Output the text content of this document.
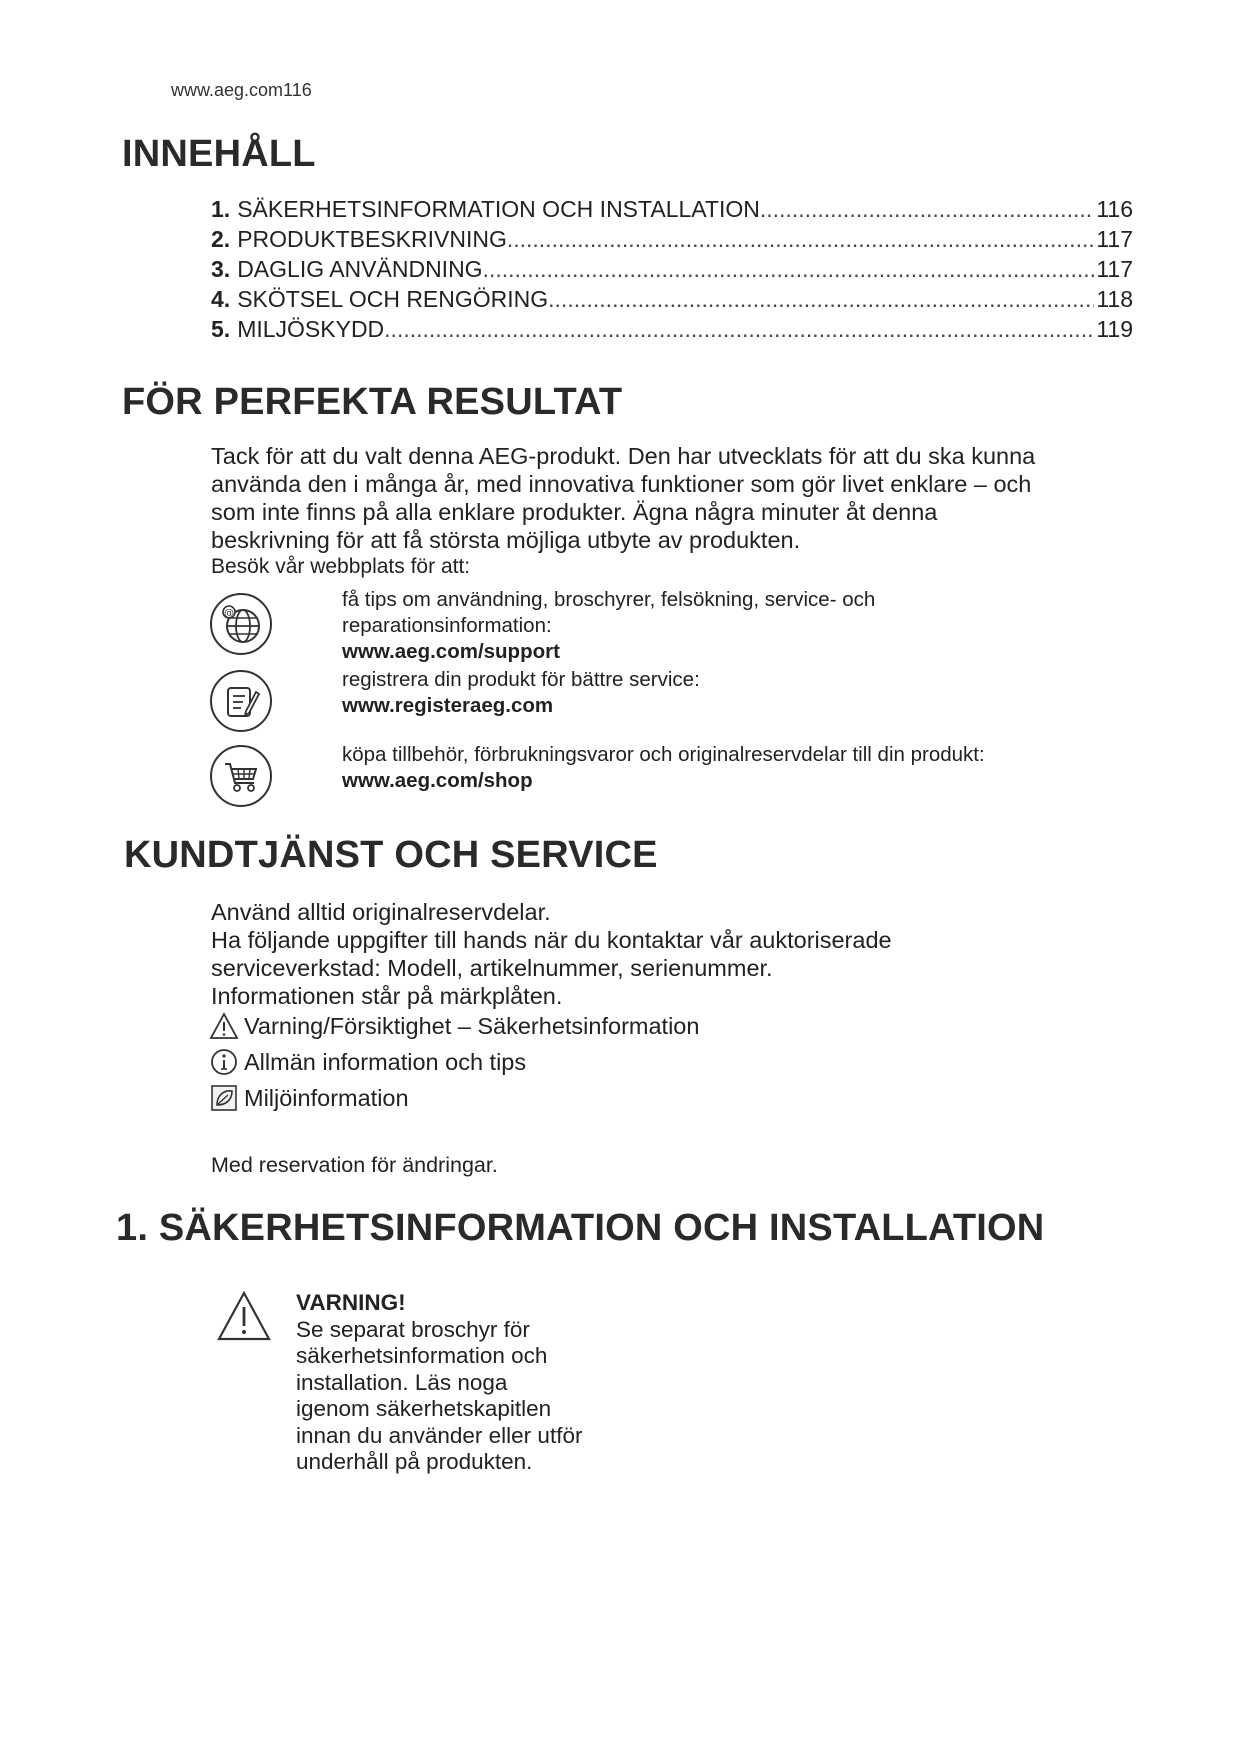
www.aeg.com116
INNEHÅLL
1. SÄKERHETSINFORMATION OCH INSTALLATION .....	116
2. PRODUKTBESKRIVNING .....	117
3. DAGLIG ANVÄNDNING .....	117
4. SKÖTSEL OCH RENGÖRING .....	118
5. MILJÖSKYDD .....	119
FÖR PERFEKTA RESULTAT
Tack för att du valt denna AEG-produkt. Den har utvecklats för att du ska kunna
använda den i många år, med innovativa funktioner som gör livet enklare – och
som inte finns på alla enklare produkter. Ägna några minuter åt denna
beskrivning för att få största möjliga utbyte av produkten.
Besök vår webbplats för att:
@
få tips om användning, broschyrer, felsökning, service- och
reparationsinformation:
www.aeg.com/support
registrera din produkt för bättre service:
www.registeraeg.com
köpa tillbehör, förbrukningsvaror och originalreservdelar till din produkt:
www.aeg.com/shop
KUNDTJÄNST OCH SERVICE
Använd alltid originalreservdelar.
Ha följande uppgifter till hands när du kontaktar vår auktoriserade
serviceverkstad: Modell, artikelnummer, serienummer.
Informationen står på märkplåten.
Varning/Försiktighet – Säkerhetsinformation
Allmän information och tips
Miljöinformation
Med reservation för ändringar.
1. SÄKERHETSINFORMATION OCH INSTALLATION
VARNING!
Se separat broschyr för
säkerhetsinformation och
installation. Läs noga
igenom säkerhetskapitlen
innan du använder eller utför
underhåll på produkten.
